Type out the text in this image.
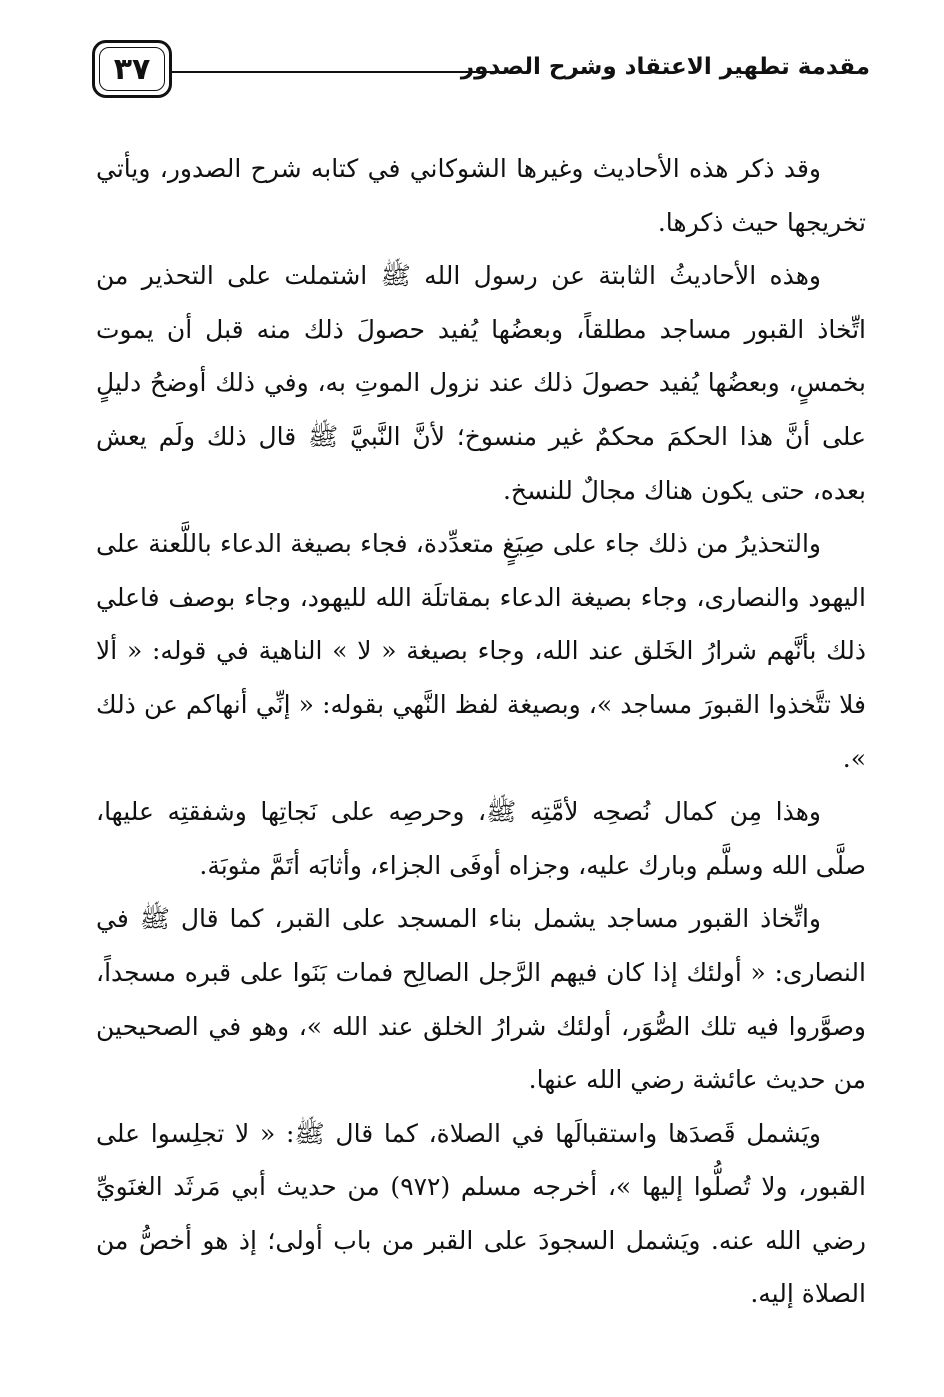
مقدمة تطهير الاعتقاد وشرح الصدور
٣٧

وقد ذكر هذه الأحاديث وغيرها الشوكاني في كتابه شرح الصدور، ويأتي تخريجها حيث ذكرها.

وهذه الأحاديثُ الثابتة عن رسول الله ﷺ اشتملت على التحذير من اتِّخاذ القبور مساجد مطلقاً، وبعضُها يُفيد حصولَ ذلك منه قبل أن يموت بخمسٍ، وبعضُها يُفيد حصولَ ذلك عند نزول الموتِ به، وفي ذلك أوضحُ دليلٍ على أنَّ هذا الحكمَ محكمٌ غير منسوخ؛ لأنَّ النَّبيَّ ﷺ قال ذلك ولَم يعش بعده، حتى يكون هناك مجالٌ للنسخ.

والتحذيرُ من ذلك جاء على صِيَغٍ متعدِّدة، فجاء بصيغة الدعاء باللَّعنة على اليهود والنصارى، وجاء بصيغة الدعاء بمقاتلَة الله لليهود، وجاء بوصف فاعلي ذلك بأنَّهم شرارُ الخَلق عند الله، وجاء بصيغة « لا » الناهية في قوله: « ألا فلا تتَّخذوا القبورَ مساجد »، وبصيغة لفظ النَّهي بقوله: « إنِّي أنهاكم عن ذلك ».

وهذا مِن كمال نُصحِه لأمَّتِه ﷺ، وحرصِه على نَجاتِها وشفقتِه عليها، صلَّى الله وسلَّم وبارك عليه، وجزاه أوفَى الجزاء، وأثابَه أتَمَّ مثوبَة.

واتِّخاذ القبور مساجد يشمل بناء المسجد على القبر، كما قال ﷺ في النصارى: « أولئك إذا كان فيهم الرَّجل الصالِح فمات بَنَوا على قبره مسجداً، وصوَّروا فيه تلك الصُّوَر، أولئك شرارُ الخلق عند الله »، وهو في الصحيحين من حديث عائشة رضي الله عنها.

ويَشمل قَصدَها واستقبالَها في الصلاة، كما قال ﷺ: « لا تجلِسوا على القبور، ولا تُصلُّوا إليها »، أخرجه مسلم (٩٧٢) من حديث أبي مَرثَد الغنَويِّ رضي الله عنه. ويَشمل السجودَ على القبر من باب أولى؛ إذ هو أخصُّ من الصلاة إليه.
